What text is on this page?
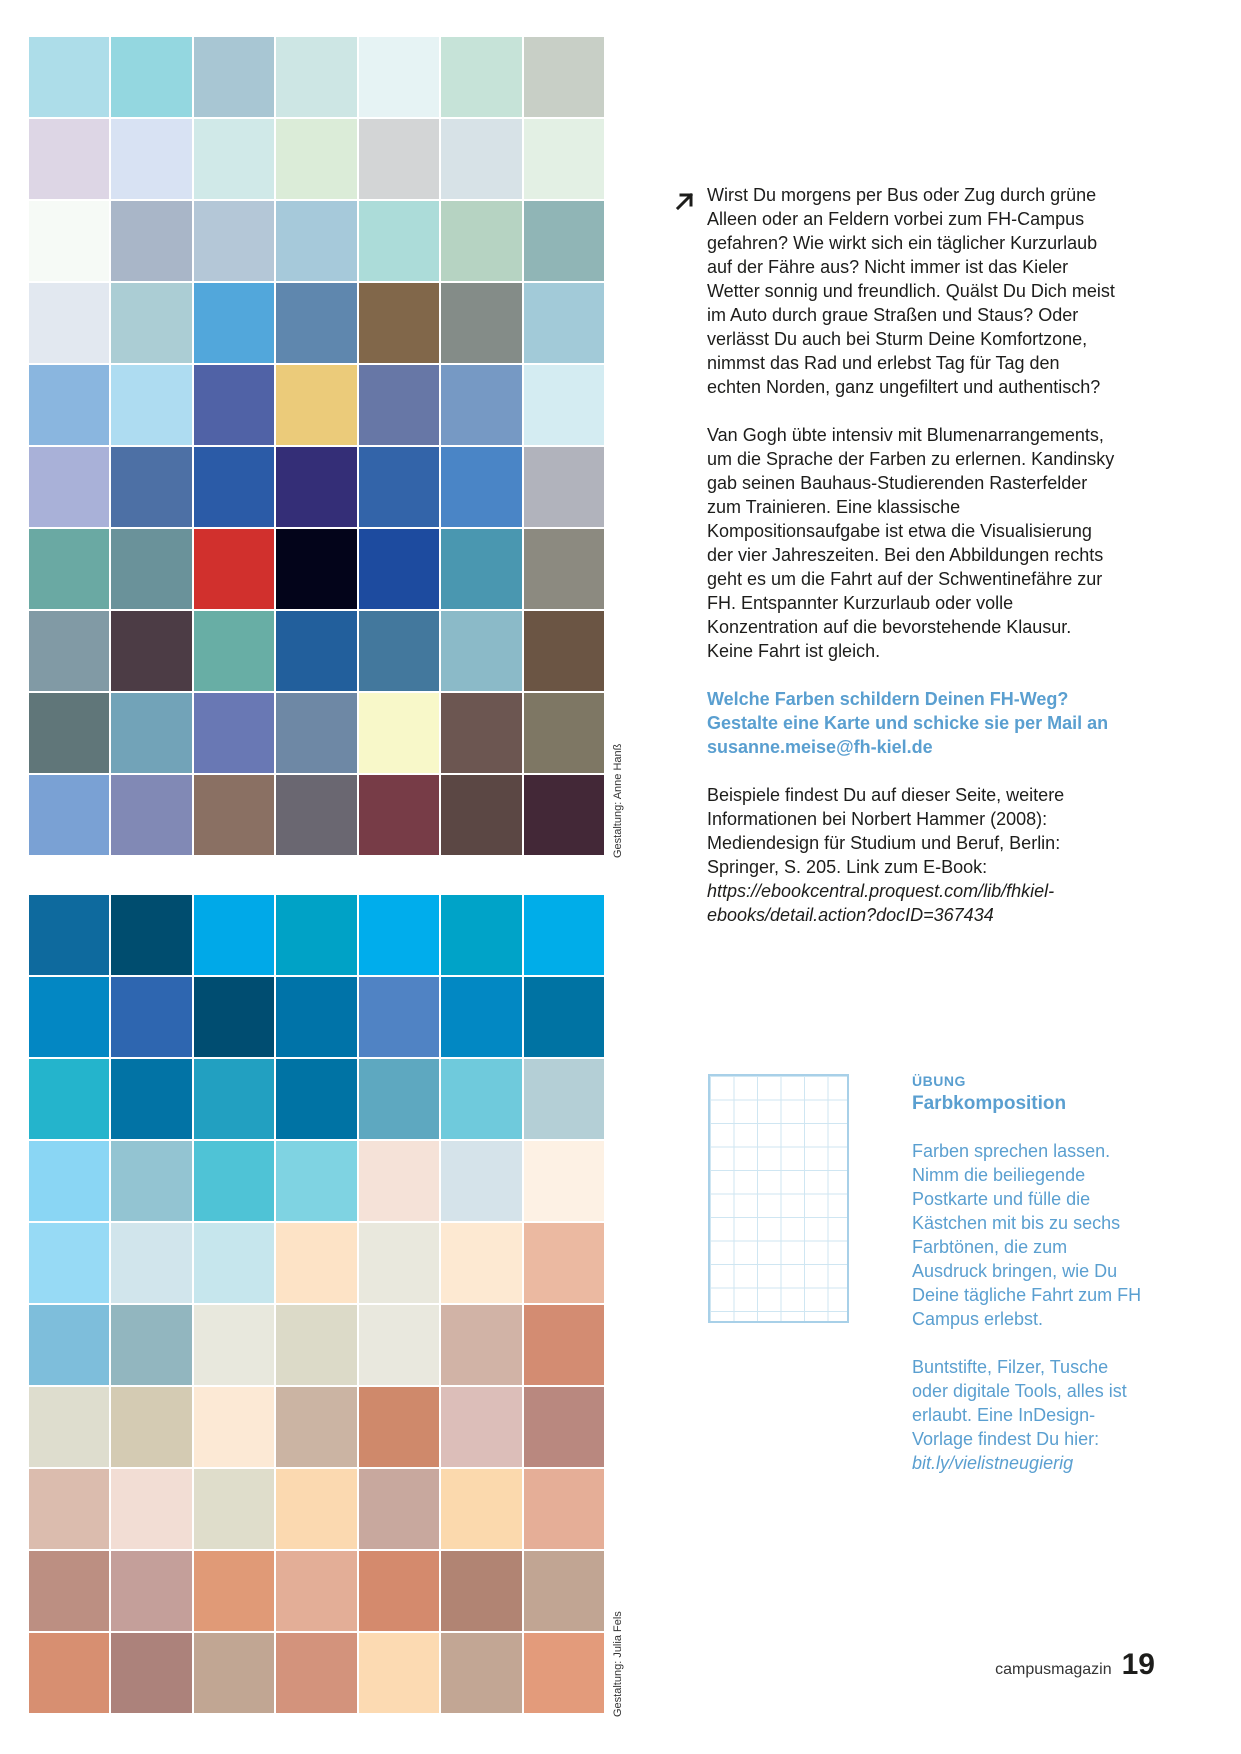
Gestaltung: Anne Hanß
Gestaltung: Julia Fels

Wirst Du morgens per Bus oder Zug durch grüne Alleen oder an Feldern vorbei zum FH-Campus gefahren? Wie wirkt sich ein täglicher Kurzurlaub auf der Fähre aus? Nicht immer ist das Kieler Wetter sonnig und freundlich. Quälst Du Dich meist im Auto durch graue Straßen und Staus? Oder verlässt Du auch bei Sturm Deine Komfortzone, nimmst das Rad und erlebst Tag für Tag den echten Norden, ganz ungefiltert und authentisch?

Van Gogh übte intensiv mit Blumenarrangements, um die Sprache der Farben zu erlernen. Kandinsky gab seinen Bauhaus-Studierenden Rasterfelder zum Trainieren. Eine klassische Kompositionsaufgabe ist etwa die Visualisierung der vier Jahreszeiten. Bei den Abbildungen rechts geht es um die Fahrt auf der Schwentinefähre zur FH. Entspannter Kurzurlaub oder volle Konzentration auf die bevorstehende Klausur. Keine Fahrt ist gleich.

Welche Farben schildern Deinen FH-Weg? Gestalte eine Karte und schicke sie per Mail an susanne.meise@fh-kiel.de

Beispiele findest Du auf dieser Seite, weitere Informationen bei Norbert Hammer (2008): Mediendesign für Studium und Beruf, Berlin: Springer, S. 205. Link zum E-Book: https://ebookcentral.proquest.com/lib/fhkiel-ebooks/detail.action?docID=367434

ÜBUNG
Farbkomposition
Farben sprechen lassen. Nimm die beiliegende Postkarte und fülle die Kästchen mit bis zu sechs Farbtönen, die zum Ausdruck bringen, wie Du Deine tägliche Fahrt zum FH Campus erlebst.
Buntstifte, Filzer, Tusche oder digitale Tools, alles ist erlaubt. Eine InDesign-Vorlage findest Du hier: bit.ly/vielistneugierig
campusmagazin 19
